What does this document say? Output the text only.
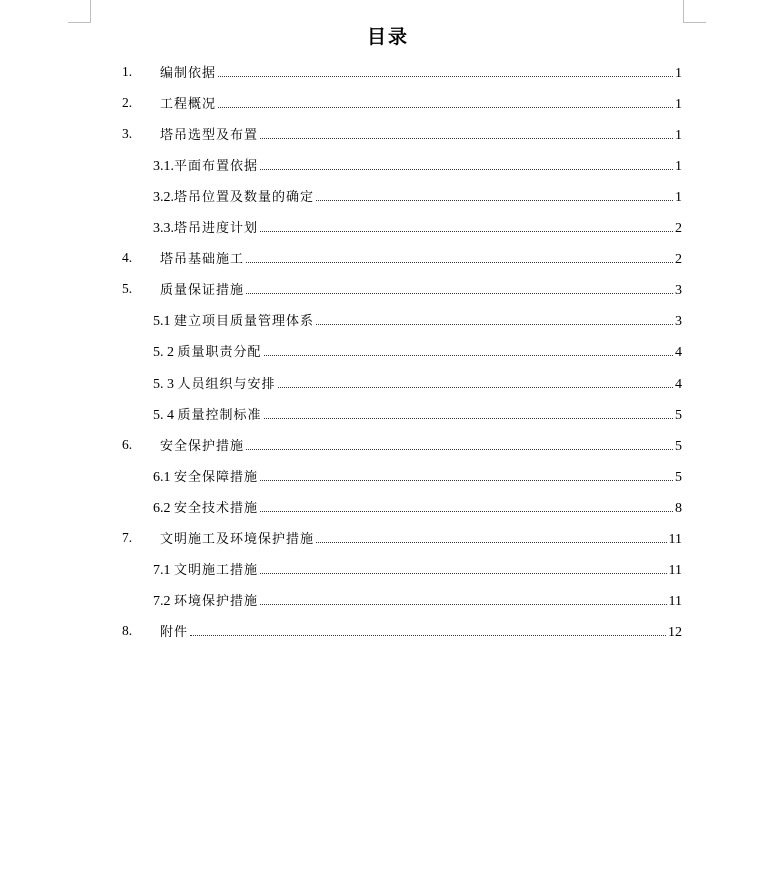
目录
1.	编制依据	1
2.	工程概况	1
3.	塔吊选型及布置	1
3.1.平面布置依据	1
3.2.塔吊位置及数量的确定	1
3.3.塔吊进度计划	2
4.	塔吊基础施工	2
5.	质量保证措施	3
5.1 建立项目质量管理体系	3
5. 2 质量职责分配	4
5. 3 人员组织与安排	4
5. 4 质量控制标准	5
6.	安全保护措施	5
6.1 安全保障措施	5
6.2 安全技术措施	8
7.	文明施工及环境保护措施	11
7.1 文明施工措施	11
7.2 环境保护措施	11
8.	附件	12
